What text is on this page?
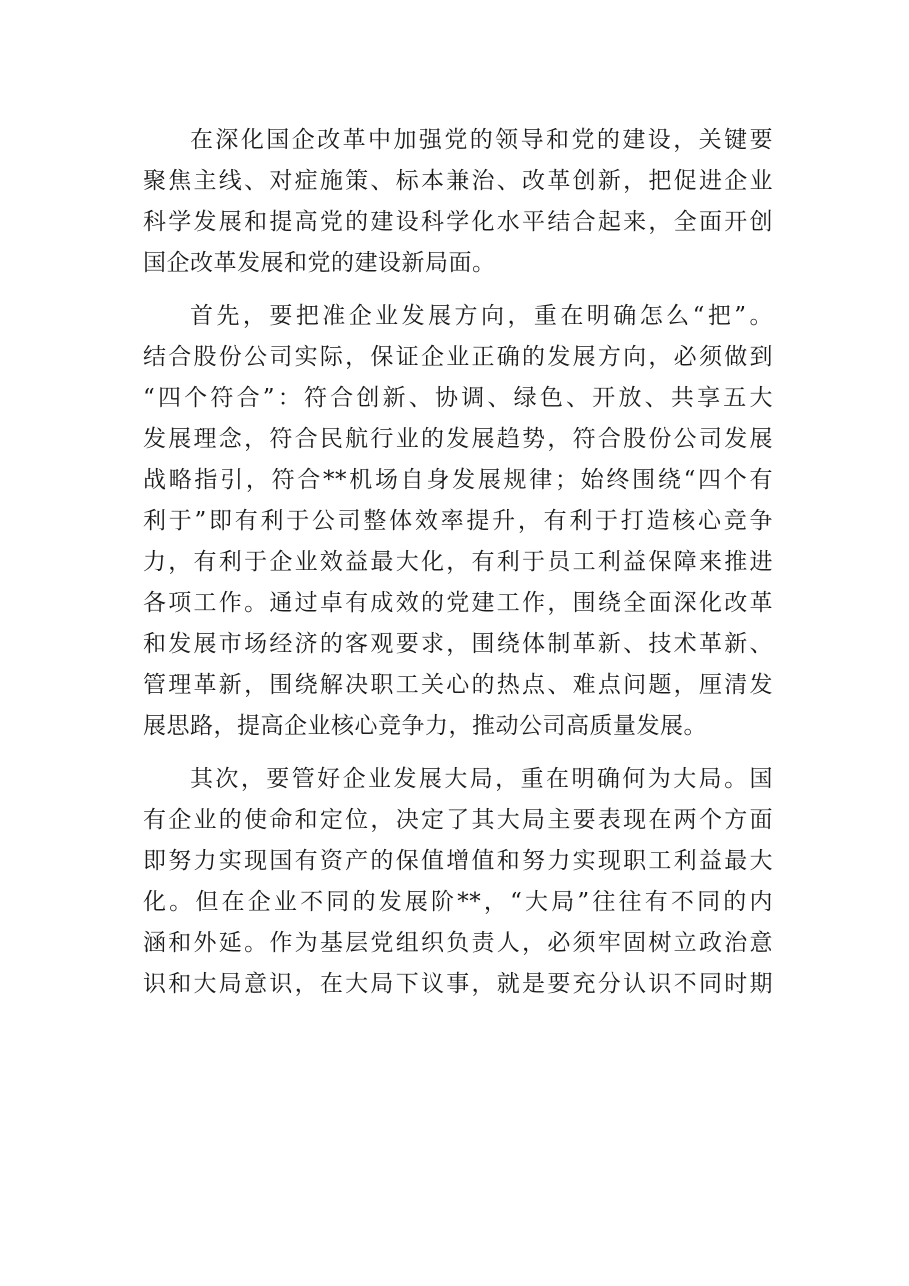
在深化国企改革中加强党的领导和党的建设，关键要
聚焦主线、对症施策、标本兼治、改革创新，把促进企业
科学发展和提高党的建设科学化水平结合起来，全面开创
国企改革发展和党的建设新局面。
首先，要把准企业发展方向，重在明确怎么“把”。
结合股份公司实际，保证企业正确的发展方向，必须做到
“四个符合”：符合创新、协调、绿色、开放、共享五大
发展理念，符合民航行业的发展趋势，符合股份公司发展
战略指引，符合**机场自身发展规律；始终围绕“四个有
利于”即有利于公司整体效率提升，有利于打造核心竞争
力，有利于企业效益最大化，有利于员工利益保障来推进
各项工作。通过卓有成效的党建工作，围绕全面深化改革
和发展市场经济的客观要求，围绕体制革新、技术革新、
管理革新，围绕解决职工关心的热点、难点问题，厘清发
展思路，提高企业核心竞争力，推动公司高质量发展。
其次，要管好企业发展大局，重在明确何为大局。国
有企业的使命和定位，决定了其大局主要表现在两个方面
即努力实现国有资产的保值增值和努力实现职工利益最大
化。但在企业不同的发展阶**，“大局”往往有不同的内
涵和外延。作为基层党组织负责人，必须牢固树立政治意
识和大局意识，在大局下议事，就是要充分认识不同时期
